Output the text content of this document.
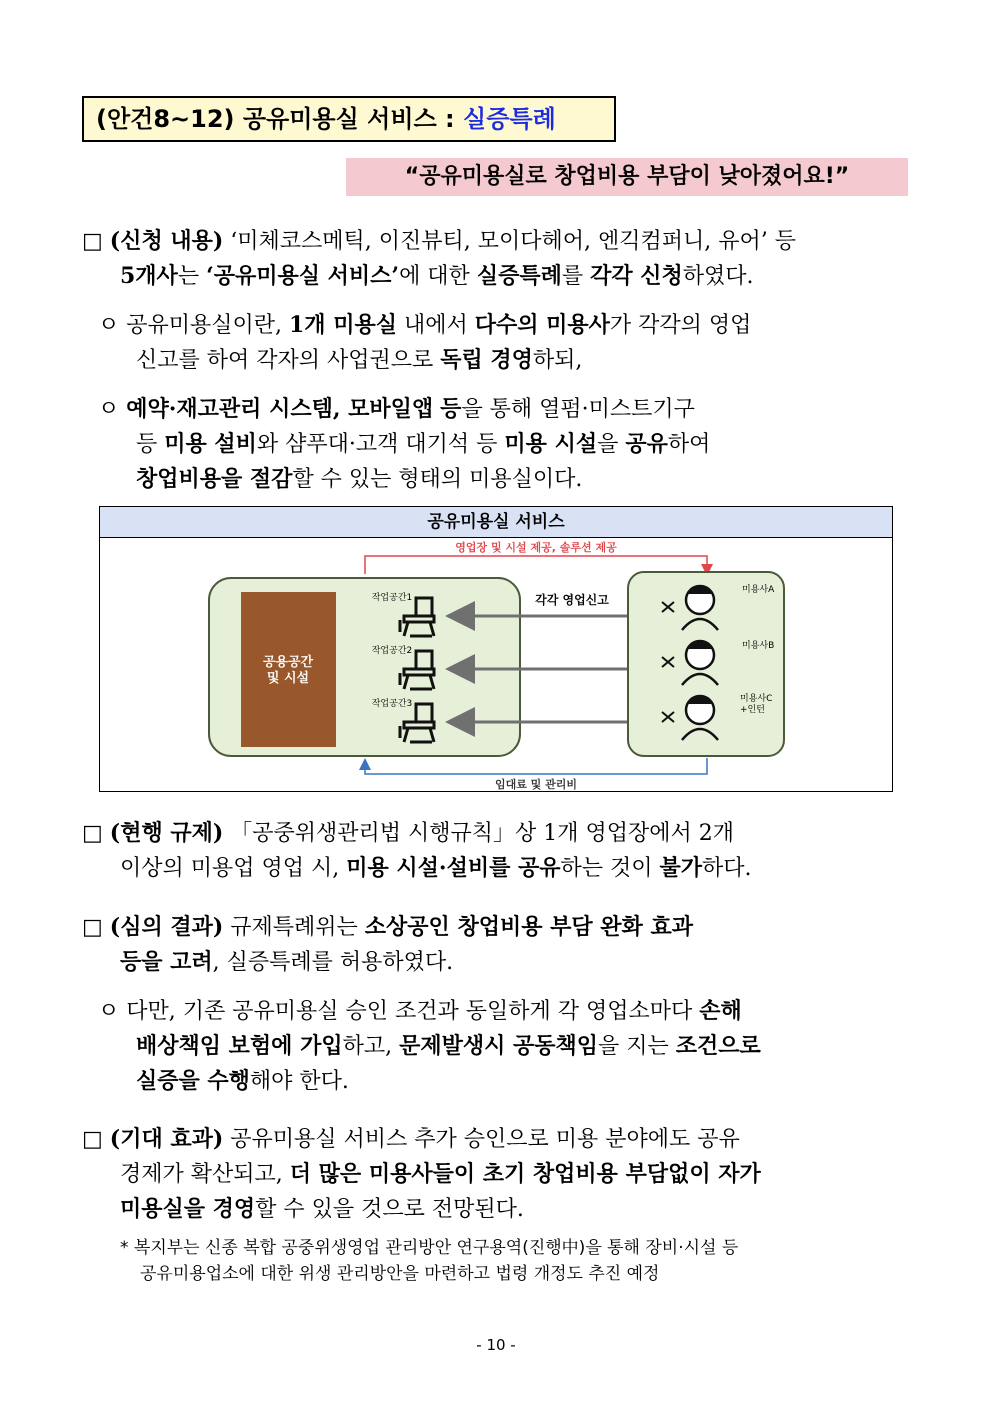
(안건8~12) 공유미용실 서비스 : 실증특례
“공유미용실로 창업비용 부담이 낮아졌어요!”
□ (신청 내용) ‘미체코스메틱, 이진뷰티, 모이다헤어, 엔긱컴퍼니, 유어’ 등
5개사는 ‘공유미용실 서비스’에 대한 실증특례를 각각 신청하였다.
ㅇ 공유미용실이란, 1개 미용실 내에서 다수의 미용사가 각각의 영업
신고를 하여 각자의 사업권으로 독립 경영하되,
ㅇ 예약·재고관리 시스템, 모바일앱 등을 통해 열펌·미스트기구
등 미용 설비와 샴푸대·고객 대기석 등 미용 시설을 공유하여
창업비용을 절감할 수 있는 형태의 미용실이다.
공유미용실 서비스
영업장 및 시설 제공, 솔루션 제공
임대료 및 관리비
공용공간
및 시설
작업공간1
작업공간2
작업공간3
각각 영업신고
미용사A
미용사B
미용사C
+인턴
□ (현행 규제) 「공중위생관리법 시행규칙」상 1개 영업장에서 2개
이상의 미용업 영업 시, 미용 시설·설비를 공유하는 것이 불가하다.
□ (심의 결과) 규제특례위는 소상공인 창업비용 부담 완화 효과
등을 고려, 실증특례를 허용하였다.
ㅇ 다만, 기존 공유미용실 승인 조건과 동일하게 각 영업소마다 손해
배상책임 보험에 가입하고, 문제발생시 공동책임을 지는 조건으로
실증을 수행해야 한다.
□ (기대 효과) 공유미용실 서비스 추가 승인으로 미용 분야에도 공유
경제가 확산되고, 더 많은 미용사들이 초기 창업비용 부담없이 자가
미용실을 경영할 수 있을 것으로 전망된다.
* 복지부는 신종 복합 공중위생영업 관리방안 연구용역(진행中)을 통해 장비·시설 등
공유미용업소에 대한 위생 관리방안을 마련하고 법령 개정도 추진 예정
- 10 -
